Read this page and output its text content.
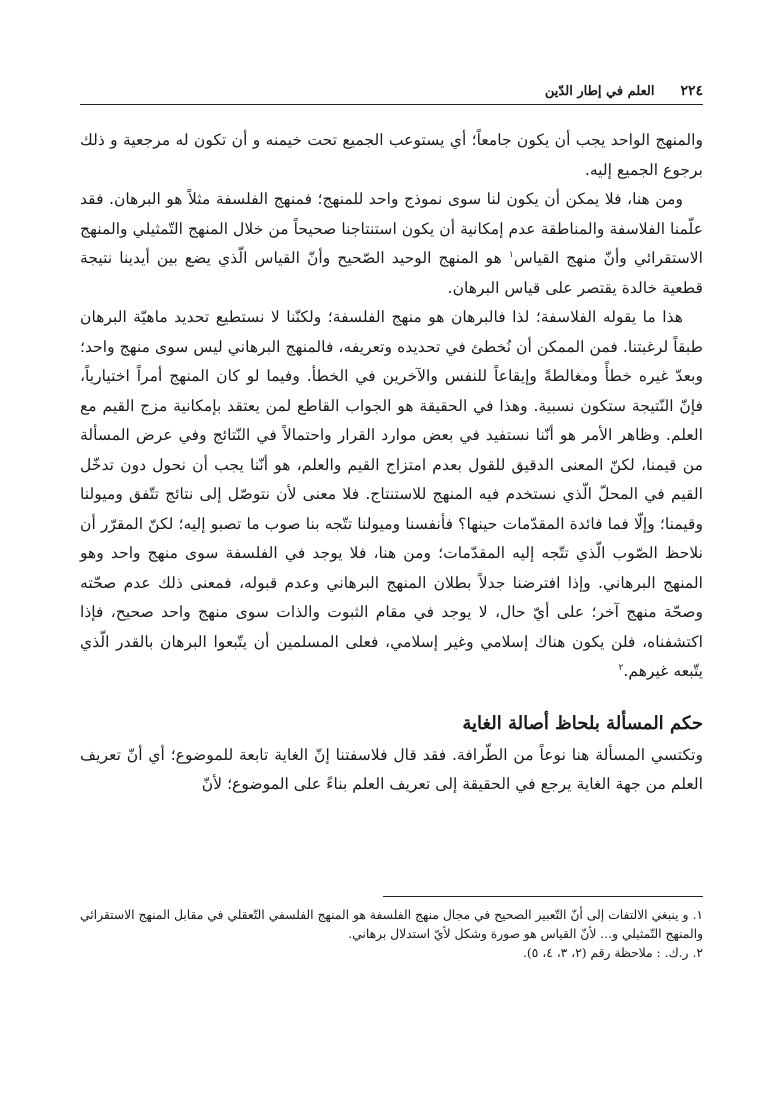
٢٢٤
العلم في إطار الدّين

والمنهج الواحد يجب أن يكون جامعاً؛ أي يستوعب الجميع تحت خيمنه و أن تكون له مرجعية و ذلك برجوع الجميع إليه.

ومن هنا، فلا يمكن أن يكون لنا سوى نموذج واحد للمنهج؛ فمنهج الفلسفة مثلاً هو البرهان. فقد علّمنا الفلاسفة والمناطقة عدم إمكانية أن يكون استنتاجنا صحيحاً من خلال المنهج التّمثيلي والمنهج الاستقرائي وأنّ منهج القياس$^١$ هو المنهج الوحيد الصّحيح وأنّ القياس الّذي يضع بين أيدينا نتيجة قطعية خالدة يقتصر على قياس البرهان.

هذا ما يقوله الفلاسفة؛ لذا فالبرهان هو منهج الفلسفة؛ ولكنّنا لا نستطيع تحديد ماهيّة البرهان طبقاً لرغبتنا. فمن الممكن أن نُخطئ في تحديده وتعريفه، فالمنهج البرهاني ليس سوى منهج واحد؛ وبعدّ غيره خطأً ومغالطةً وإيقاعاً للنفس والآخرين في الخطأ. وفيما لو كان المنهج أمراً اختيارياً، فإنّ النّتيجة ستكون نسبية. وهذا في الحقيقة هو الجواب القاطع لمن يعتقد بإمكانية مزج القيم مع العلم. وظاهر الأمر هو أنّنا نستفيد في بعض موارد القرار واحتمالاً في النّتائج وفي عرض المسألة من قيمنا، لكنّ المعنى الدقيق للقول بعدم امتزاج القيم والعلم، هو أنّنا يجب أن نحول دون تدخّل القيم في المحلّ الّذي نستخدم فيه المنهج للاستنتاج. فلا معنى لأن نتوصّل إلى نتائج تتّفق وميولنا وقيمنا؛ وإلّا فما فائدة المقدّمات حينها؟ فأنفسنا وميولنا تتّجه بنا صوب ما تصبو إليه؛ لكنّ المقرّر أن نلاحظ الصّوب الّذي تتّجه إليه المقدّمات؛ ومن هنا، فلا يوجد في الفلسفة سوى منهج واحد وهو المنهج البرهاني. وإذا افترضنا جدلاً بطلان المنهج البرهاني وعدم قبوله، فمعنى ذلك عدم صحّته وصحّة منهج آخر؛ على أيّ حال، لا يوجد في مقام الثبوت والذات سوى منهج واحد صحيح، فإذا اكتشفناه، فلن يكون هناك إسلامي وغير إسلامي، فعلى المسلمين أن يتّبعوا البرهان بالقدر الّذي يتّبعه غيرهم.$^٢$

حكم المسألة بلحاظ أصالة الغاية

وتكتسي المسألة هنا نوعاً من الطّرافة. فقد قال فلاسفتنا إنّ الغاية تابعة للموضوع؛ أي أنّ تعريف العلم من جهة الغاية يرجع في الحقيقة إلى تعريف العلم بناءً على الموضوع؛ لأنّ

١.و ينبغي الالتفات إلى أنّ التّعبير الصحيح في مجال منهج الفلسفة هو المنهج الفلسفي التّعقلي في مقابل المنهج الاستقرائي والمنهج التّمثيلي و... لأنّ القياس هو صورة وشكل لأيّ استدلال برهاني.

٢.ر.ك. : ملاحظة رقم (٢، ٣، ٤، ٥).
